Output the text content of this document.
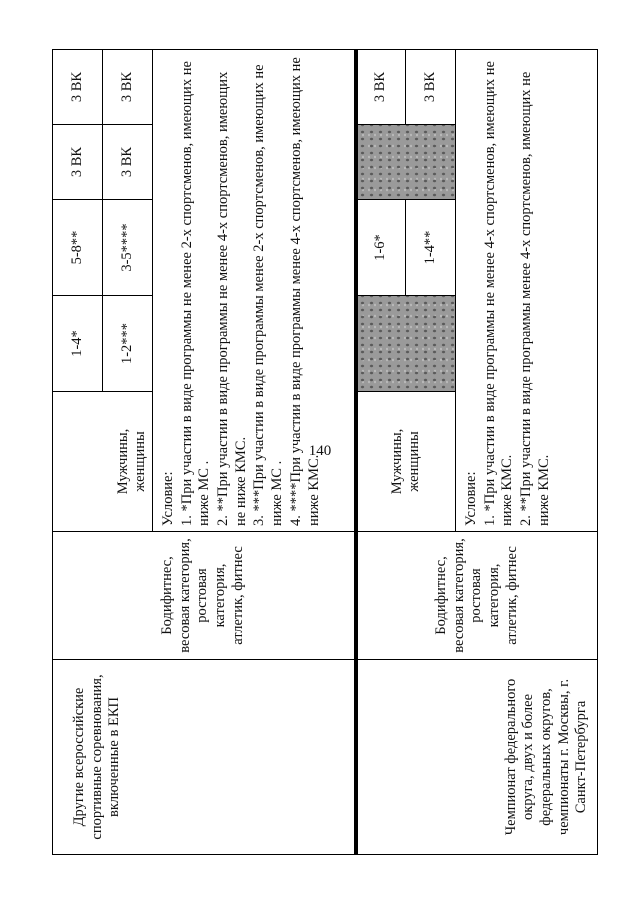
140
Другие всероссийские спортивные соревнования, включенные в ЕКП	Бодифитнес, весовая категория, ростовая категория, атлетик, фитнес	Мужчины, женщины	1-4*	5-8**	3 ВК	3 ВК
			1-2***	3-5****	3 ВК	3 ВК

		Условие: 1. *При участии в виде программы не менее 2-х спортсменов, имеющих не ниже МС . 2. **При участии в виде программы не менее 4-х спортсменов, имеющих не ниже КМС. 3. ***При участии в виде программы менее 2-х спортсменов, имеющих не ниже МС . 4. ****При участии в виде программы менее 4-х спортсменов, имеющих не ниже КМС.				

Чемпионат федерального округа, двух и более федеральных округов, чемпионаты г. Москвы, г. Санкт-Петербурга	Бодифитнес, весовая категория, ростовая категория, атлетик, фитнес	Мужчины, женщины		1-6*		3 ВК
				1-4**		3 ВК

		Условие: 1. *При участии в виде программы не менее 4-х спортсменов, имеющих не ниже КМС. 2. **При участии в виде программы менее 4-х спортсменов, имеющих не ниже КМС.				
